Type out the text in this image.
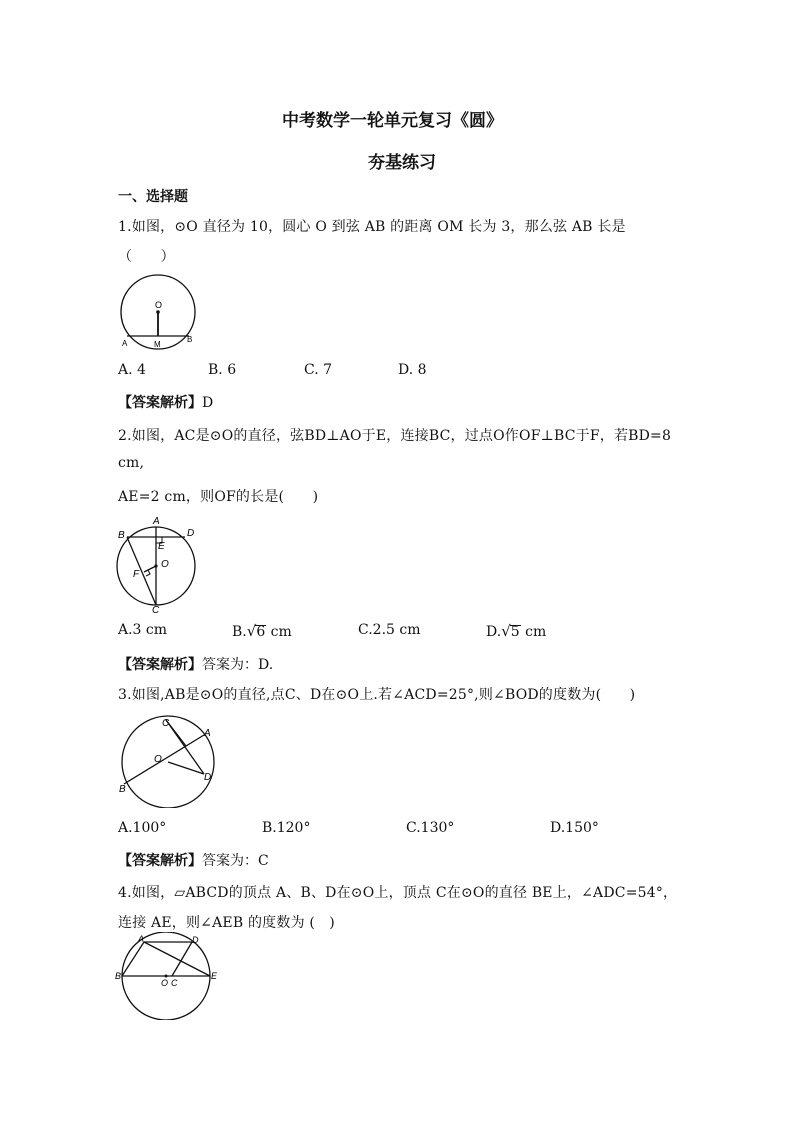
中考数学一轮单元复习《圆》
夯基练习
一、选择题
1.如图，⊙O 直径为 10，圆心 O 到弦 AB 的距离 OM 长为 3，那么弦 AB 长是
（　　）
O
A	M
B
A. 4	B. 6	C. 7	D. 8
【答案解析】D
2.如图，AC是⊙O的直径，弦BD⊥AO于E，连接BC，过点O作OF⊥BC于F，若BD=8
cm,
AE=2 cm，则OF的长是(　　)
A
B	D
E
O
F
C
A.3 cm	B.√6 cm	C.2.5 cm	D.√5 cm
【答案解析】答案为：D.
3.如图,AB是⊙O的直径,点C、D在⊙O上.若∠ACD=25°,则∠BOD的度数为(　　)
C
A
O
D
B
A.100°	B.120°	C.130°	D.150°
【答案解析】答案为：C
4.如图，▱ABCD的顶点 A、B、D在⊙O上，顶点 C在⊙O的直径 BE上，∠ADC=54°，
连接 AE，则∠AEB 的度数为 (　)
A	D
B
O C
E
